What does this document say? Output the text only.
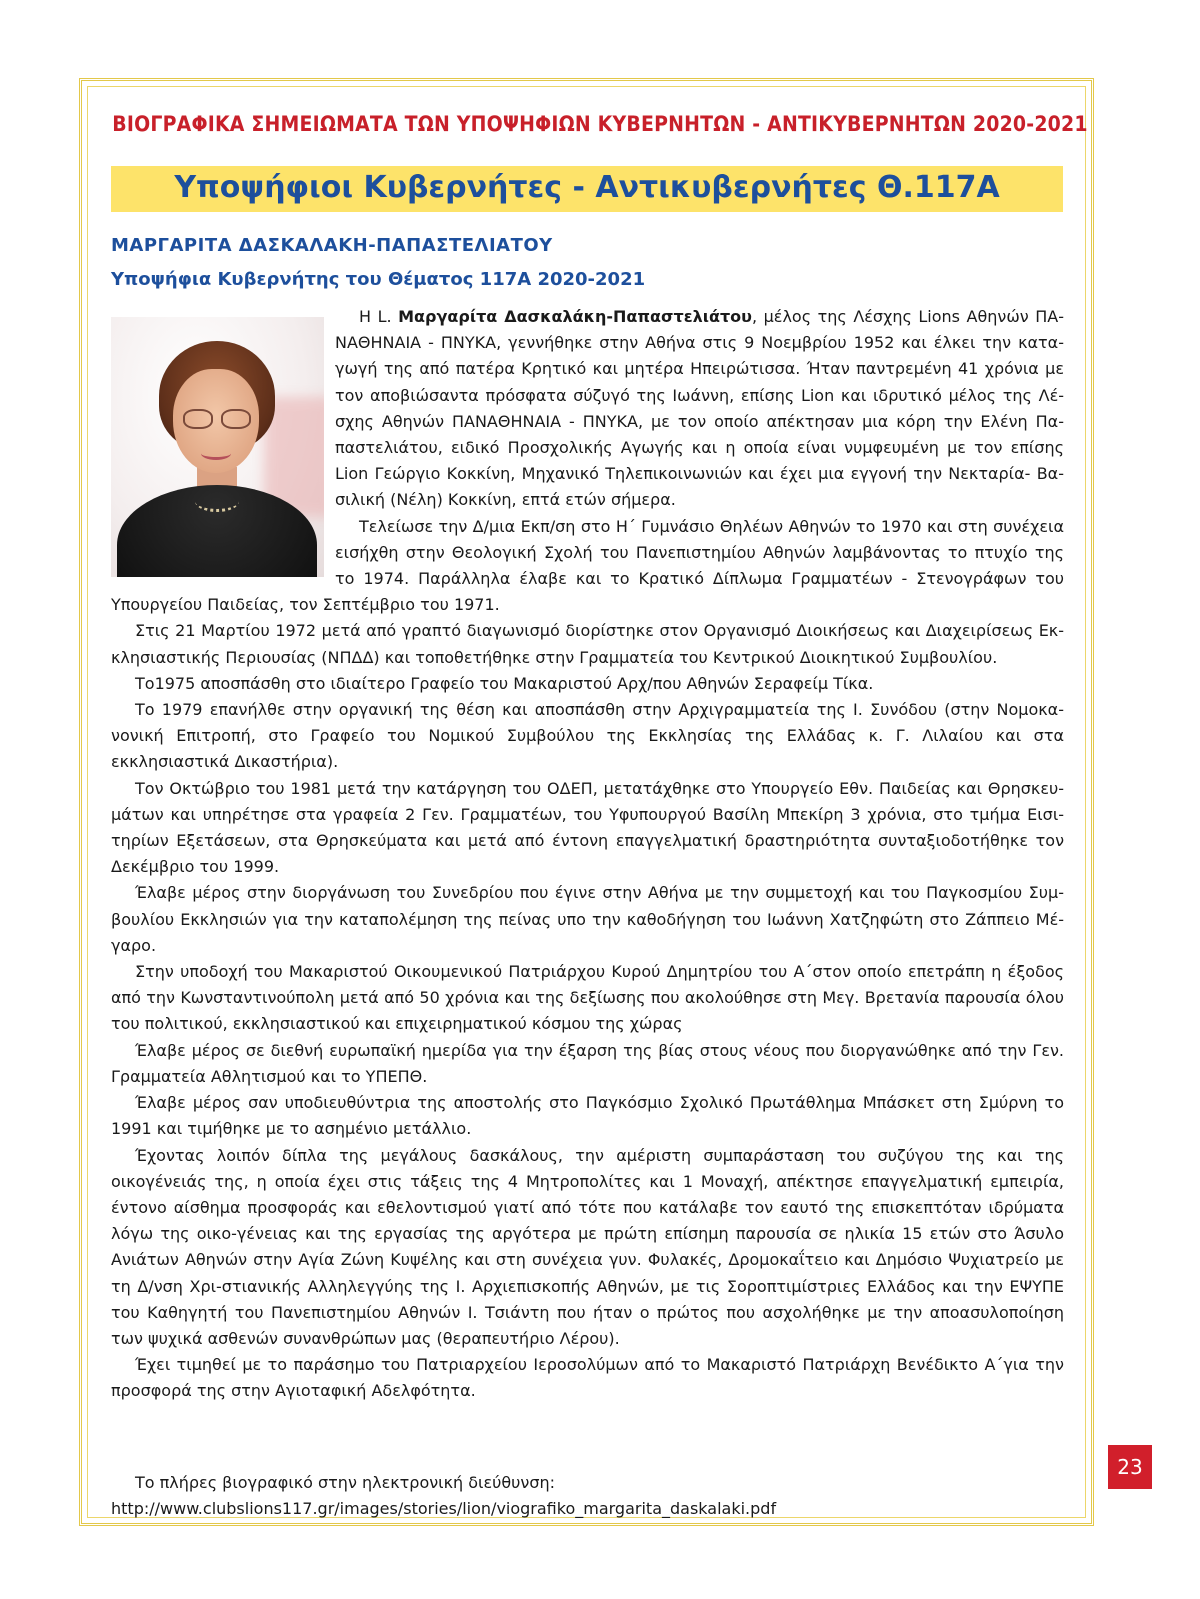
ΒΙΟΓΡΑΦΙΚΑ ΣΗΜΕΙΩΜΑΤΑ ΤΩΝ ΥΠΟΨΗΦΙΩΝ ΚΥΒΕΡΝΗΤΩΝ - ΑΝΤΙΚΥΒΕΡΝΗΤΩΝ 2020-2021
Υποψήφιοι Κυβερνήτες - Αντικυβερνήτες Θ.117Α
ΜΑΡΓΑΡΙΤΑ ΔΑΣΚΑΛΑΚΗ-ΠΑΠΑΣΤΕΛΙΑΤΟΥ
Υποψήφια Κυβερνήτης του Θέματος 117Α 2020-2021

Η L. Μαργαρίτα Δασκαλάκη-Παπαστελιάτου, μέλος της Λέσχης Lions Αθηνών ΠΑ-ΝΑΘΗΝΑΙΑ - ΠΝΥΚΑ, γεννήθηκε στην Αθήνα στις 9 Νοεμβρίου 1952 και έλκει την κατα-γωγή της από πατέρα Κρητικό και μητέρα Ηπειρώτισσα. Ήταν παντρεμένη 41 χρόνια με τον αποβιώσαντα πρόσφατα σύζυγό της Ιωάννη, επίσης Lion και ιδρυτικό μέλος της Λέ-σχης Αθηνών ΠΑΝΑΘΗΝΑΙΑ - ΠΝΥΚΑ, με τον οποίο απέκτησαν μια κόρη την Ελένη Πα-παστελιάτου, ειδικό Προσχολικής Αγωγής και η οποία είναι νυμφευμένη με τον επίσης Lion Γεώργιο Κοκκίνη, Μηχανικό Τηλεπικοινωνιών και έχει μια εγγονή την Νεκταρία- Βα-σιλική (Νέλη) Κοκκίνη, επτά ετών σήμερα.

Τελείωσε την Δ/μια Εκπ/ση στο Η΄ Γυμνάσιο Θηλέων Αθηνών το 1970 και στη συνέχεια εισήχθη στην Θεολογική Σχολή του Πανεπιστημίου Αθηνών λαμβάνοντας το πτυχίο της το 1974. Παράλληλα έλαβε και το Κρατικό Δίπλωμα Γραμματέων - Στενογράφων του Υπουργείου Παιδείας, τον Σεπτέμβριο του 1971.

Στις 21 Μαρτίου 1972 μετά από γραπτό διαγωνισμό διορίστηκε στον Οργανισμό Διοικήσεως και Διαχειρίσεως Εκ-κλησιαστικής Περιουσίας (ΝΠΔΔ) και τοποθετήθηκε στην Γραμματεία του Κεντρικού Διοικητικού Συμβουλίου.

Το1975 αποσπάσθη στο ιδιαίτερο Γραφείο του Μακαριστού Αρχ/που Αθηνών Σεραφείμ Τίκα.

Το 1979 επανήλθε στην οργανική της θέση και αποσπάσθη στην Αρχιγραμματεία της Ι. Συνόδου (στην Νομοκα-νονική Επιτροπή, στο Γραφείο του Νομικού Συμβούλου της Εκκλησίας της Ελλάδας κ. Γ. Λιλαίου και στα εκκλησιαστικά Δικαστήρια).

Τον Οκτώβριο του 1981 μετά την κατάργηση του ΟΔΕΠ, μετατάχθηκε στο Υπουργείο Εθν. Παιδείας και Θρησκευ-μάτων και υπηρέτησε στα γραφεία 2 Γεν. Γραμματέων, του Υφυπουργού Βασίλη Μπεκίρη 3 χρόνια, στο τμήμα Εισι-τηρίων Εξετάσεων, στα Θρησκεύματα και μετά από έντονη επαγγελματική δραστηριότητα συνταξιοδοτήθηκε τον Δεκέμβριο του 1999.

Έλαβε μέρος στην διοργάνωση του Συνεδρίου που έγινε στην Αθήνα με την συμμετοχή και του Παγκοσμίου Συμ-βουλίου Εκκλησιών για την καταπολέμηση της πείνας υπο την καθοδήγηση του Ιωάννη Χατζηφώτη στο Ζάππειο Μέ-γαρο.

Στην υποδοχή του Μακαριστού Οικουμενικού Πατριάρχου Κυρού Δημητρίου του Α΄στον οποίο επετράπη η έξοδος από την Κωνσταντινούπολη μετά από 50 χρόνια και της δεξίωσης που ακολούθησε στη Μεγ. Βρετανία παρουσία όλου του πολιτικού, εκκλησιαστικού και επιχειρηματικού κόσμου της χώρας

Έλαβε μέρος σε διεθνή ευρωπαϊκή ημερίδα για την έξαρση της βίας στους νέους που διοργανώθηκε από την Γεν. Γραμματεία Αθλητισμού και το ΥΠΕΠΘ.

Έλαβε μέρος σαν υποδιευθύντρια της αποστολής στο Παγκόσμιο Σχολικό Πρωτάθλημα Μπάσκετ στη Σμύρνη το 1991 και τιμήθηκε με το ασημένιο μετάλλιο.

Έχοντας λοιπόν δίπλα της μεγάλους δασκάλους, την αμέριστη συμπαράσταση του συζύγου της και της οικογένειάς της, η οποία έχει στις τάξεις της 4 Μητροπολίτες και 1 Μοναχή, απέκτησε επαγγελματική εμπειρία, έντονο αίσθημα προσφοράς και εθελοντισμού γιατί από τότε που κατάλαβε τον εαυτό της επισκεπτόταν ιδρύματα λόγω της οικο-γένειας και της εργασίας της αργότερα με πρώτη επίσημη παρουσία σε ηλικία 15 ετών στο Άσυλο Ανιάτων Αθηνών στην Αγία Ζώνη Κυψέλης και στη συνέχεια γυν. Φυλακές, Δρομοκαΐτειο και Δημόσιο Ψυχιατρείο με τη Δ/νση Χρι-στιανικής Αλληλεγγύης της Ι. Αρχιεπισκοπής Αθηνών, με τις Σοροπτιμίστριες Ελλάδος και την ΕΨΥΠΕ του Καθηγητή του Πανεπιστημίου Αθηνών Ι. Τσιάντη που ήταν ο πρώτος που ασχολήθηκε με την αποασυλοποίηση των ψυχικά ασθενών συνανθρώπων μας (θεραπευτήριο Λέρου).

Έχει τιμηθεί με το παράσημο του Πατριαρχείου Ιεροσολύμων από το Μακαριστό Πατριάρχη Βενέδικτο Α΄για την προσφορά της στην Αγιοταφική Αδελφότητα.

Το πλήρες βιογραφικό στην ηλεκτρονική διεύθυνση:
http://www.clubslions117.gr/images/stories/lion/viografiko_margarita_daskalaki.pdf
23
